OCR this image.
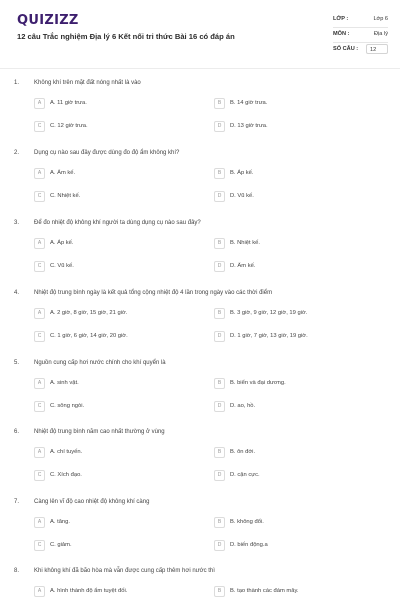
QUIZIZZ
12 câu Trắc nghiệm Địa lý 6 Kết nối tri thức Bài 16 có đáp án
LỚP :	Lớp 6
MÔN :	Địa lý
SỐ CÂU :	12
1. Không khí trên mặt đất nóng nhất là vào
A	A. 11 giờ trưa.	B	B. 14 giờ trưa.
C	C. 12 giờ trưa.	D	D. 13 giờ trưa.
2. Dụng cụ nào sau đây được dùng đo độ ẩm không khí?
A	A. Ẩm kế.	B	B. Áp kế.
C	C. Nhiệt kế.	D	D. Vũ kế.
3. Để đo nhiệt độ không khí người ta dùng dụng cụ nào sau đây?
A	A. Áp kế.	B	B. Nhiệt kế.
C	C. Vũ kế.	D	D. Ẩm kế.
4. Nhiệt độ trung bình ngày là kết quả tổng cộng nhiệt độ 4 lần trong ngày vào các thời điểm
A	A. 2 giờ, 8 giờ, 15 giờ, 21 giờ.	B	B. 3 giờ, 9 giờ, 12 giờ, 19 giờ.
C	C. 1 giờ, 6 giờ, 14 giờ, 20 giờ.	D	D. 1 giờ, 7 giờ, 13 giờ, 19 giờ.
5. Nguồn cung cấp hơi nước chính cho khí quyển là
A	A. sinh vật.	B	B. biển và đại dương.
C	C. sông ngòi.	D	D. ao, hồ.
6. Nhiệt độ trung bình năm cao nhất thường ở vùng
A	A. chí tuyến.	B	B. ôn đới.
C	C. Xích đạo.	D	D. cận cực.
7. Càng lên vĩ độ cao nhiệt độ không khí càng
A	A. tăng.	B	B. không đổi.
C	C. giảm.	D	D. biến động.a
8. Khi không khí đã bão hòa mà vẫn được cung cấp thêm hơi nước thì
A	A. hình thành độ ẩm tuyệt đối.	B	B. tạo thành các đám mây.
